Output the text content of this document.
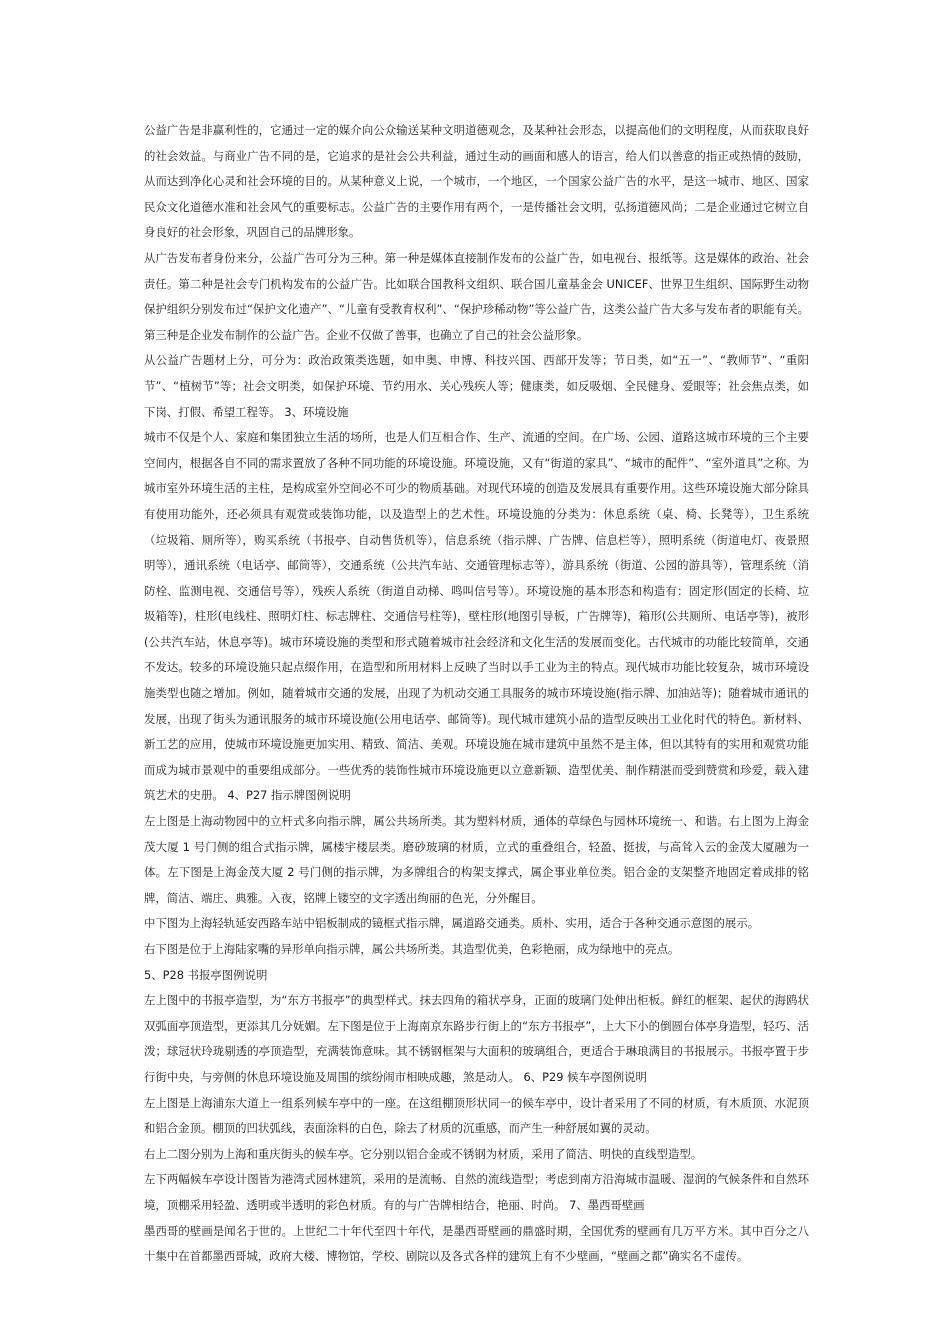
公益广告是非赢利性的，它通过一定的媒介向公众输送某种文明道德观念，及某种社会形态，以提高他们的文明程度，从而获取良好的社会效益。与商业广告不同的是，它追求的是社会公共利益，通过生动的画面和感人的语言，给人们以善意的指正或热情的鼓励，从而达到净化心灵和社会环境的目的。从某种意义上说，一个城市，一个地区，一个国家公益广告的水平，是这一城市、地区、国家民众文化道德水准和社会风气的重要标志。公益广告的主要作用有两个，一是传播社会文明，弘扬道德风尚；二是企业通过它树立自身良好的社会形象，巩固自己的品牌形象。

从广告发布者身份来分，公益广告可分为三种。第一种是媒体直接制作发布的公益广告，如电视台、报纸等。这是媒体的政治、社会责任。第二种是社会专门机构发布的公益广告。比如联合国教科文组织、联合国儿童基金会 UNICEF、世界卫生组织、国际野生动物保护组织分别发布过“保护文化遗产”、“儿童有受教育权利”、“保护珍稀动物”等公益广告，这类公益广告大多与发布者的职能有关。第三种是企业发布制作的公益广告。企业不仅做了善事，也确立了自己的社会公益形象。

从公益广告题材上分，可分为：政治政策类选题，如申奥、申博、科技兴国、西部开发等；节日类，如“五一”、“教师节”、“重阳节”、“植树节”等；社会文明类，如保护环境、节约用水、关心残疾人等；健康类，如反吸烟、全民健身、爱眼等；社会焦点类，如下岗、打假、希望工程等。 3、环境设施

城市不仅是个人、家庭和集团独立生活的场所，也是人们互相合作、生产、流通的空间。在广场、公园、道路这城市环境的三个主要空间内，根据各自不同的需求置放了各种不同功能的环境设施。环境设施，又有“街道的家具”、“城市的配件”、“室外道具”之称。为城市室外环境生活的主柱，是构成室外空间必不可少的物质基础。对现代环境的创造及发展具有重要作用。这些环境设施大部分除具有使用功能外，还必须具有观赏或装饰功能，以及造型上的艺术性。环境设施的分类为：休息系统（桌、椅、长凳等），卫生系统（垃圾箱、厕所等），购买系统（书报亭、自动售货机等），信息系统（指示牌、广告牌、信息栏等），照明系统（街道电灯、夜景照明等），通讯系统（电话亭、邮筒等），交通系统（公共汽车站、交通管理标志等），游具系统（街道、公园的游具等），管理系统（消防栓、监测电视、交通信号等），残疾人系统（街道自动梯、鸣叫信号等）。环境设施的基本形态和构造有：固定形(固定的长椅、垃圾箱等)，柱形(电线柱、照明灯柱、标志牌柱、交通信号柱等)，壁柱形(地图引导板，广告牌等)，箱形(公共厕所、电话亭等)，被形(公共汽车站，休息亭等)。城市环境设施的类型和形式随着城市社会经济和文化生活的发展而变化。古代城市的功能比较简单，交通不发达。较多的环境设施只起点缀作用，在造型和所用材料上反映了当时以手工业为主的特点。现代城市功能比较复杂，城市环境设施类型也随之增加。例如，随着城市交通的发展，出现了为机动交通工具服务的城市环境设施(指示牌、加油站等)；随着城市通讯的发展，出现了街头为通讯服务的城市环境设施(公用电话亭、邮筒等)。现代城市建筑小品的造型反映出工业化时代的特色。新材料、新工艺的应用，使城市环境设施更加实用、精致、简洁、美观。环境设施在城市建筑中虽然不是主体，但以其特有的实用和观赏功能而成为城市景观中的重要组成部分。一些优秀的装饰性城市环境设施更以立意新颖、造型优美、制作精湛而受到赞赏和珍爱，载入建筑艺术的史册。 4、P27 指示牌图例说明

左上图是上海动物园中的立杆式多向指示牌，属公共场所类。其为塑料材质，通体的草绿色与园林环境统一、和谐。右上图为上海金茂大厦 1 号门侧的组合式指示牌，属楼宇楼层类。磨砂玻璃的材质，立式的重叠组合，轻盈、挺拔，与高耸入云的金茂大厦融为一体。左下图是上海金茂大厦 2 号门侧的指示牌，为多牌组合的构架支撑式，属企事业单位类。铝合金的支架整齐地固定着成排的铭牌，简洁、端庄、典雅。入夜，铭牌上镂空的文字透出绚丽的色光，分外醒目。

中下图为上海轻轨延安西路车站中铝板制成的镜框式指示牌，属道路交通类。质朴、实用，适合于各种交通示意图的展示。

右下图是位于上海陆家嘴的异形单向指示牌，属公共场所类。其造型优美，色彩艳丽，成为绿地中的亮点。

5、P28 书报亭图例说明

左上图中的书报亭造型，为“东方书报亭”的典型样式。抹去四角的箱状亭身，正面的玻璃门处伸出柜板。鲜红的框架、起伏的海鸥状双弧面亭顶造型，更添其几分妩媚。左下图是位于上海南京东路步行街上的“东方书报亭”，上大下小的倒圆台体亭身造型，轻巧、活泼；球冠状玲珑剔透的亭顶造型，充满装饰意味。其不锈钢框架与大面积的玻璃组合，更适合于琳琅满目的书报展示。书报亭置于步行街中央，与旁侧的休息环境设施及周围的缤纷闹市相映成趣，煞是动人。 6、P29 候车亭图例说明

左上图是上海浦东大道上一组系列候车亭中的一座。在这组棚顶形状同一的候车亭中，设计者采用了不同的材质，有木质顶、水泥顶和铝合金顶。棚顶的凹状弧线，表面涂料的白色，除去了材质的沉重感，而产生一种舒展如翼的灵动。

右上二图分别为上海和重庆街头的候车亭。它分别以铝合金或不锈钢为材质，采用了简洁、明快的直线型造型。

左下两幅候车亭设计图皆为港湾式园林建筑，采用的是流畅、自然的流线造型；考虑到南方沿海城市温暖、湿润的气候条件和自然环境，顶棚采用轻盈、透明或半透明的彩色材质。有的与广告牌相结合，艳丽、时尚。 7、墨西哥壁画

墨西哥的壁画是闻名于世的。上世纪二十年代至四十年代，是墨西哥壁画的鼎盛时期，全国优秀的壁画有几万平方米。其中百分之八十集中在首都墨西哥城，政府大楼、博物馆，学校、剧院以及各式各样的建筑上有不少壁画，“壁画之都”确实名不虚传。
